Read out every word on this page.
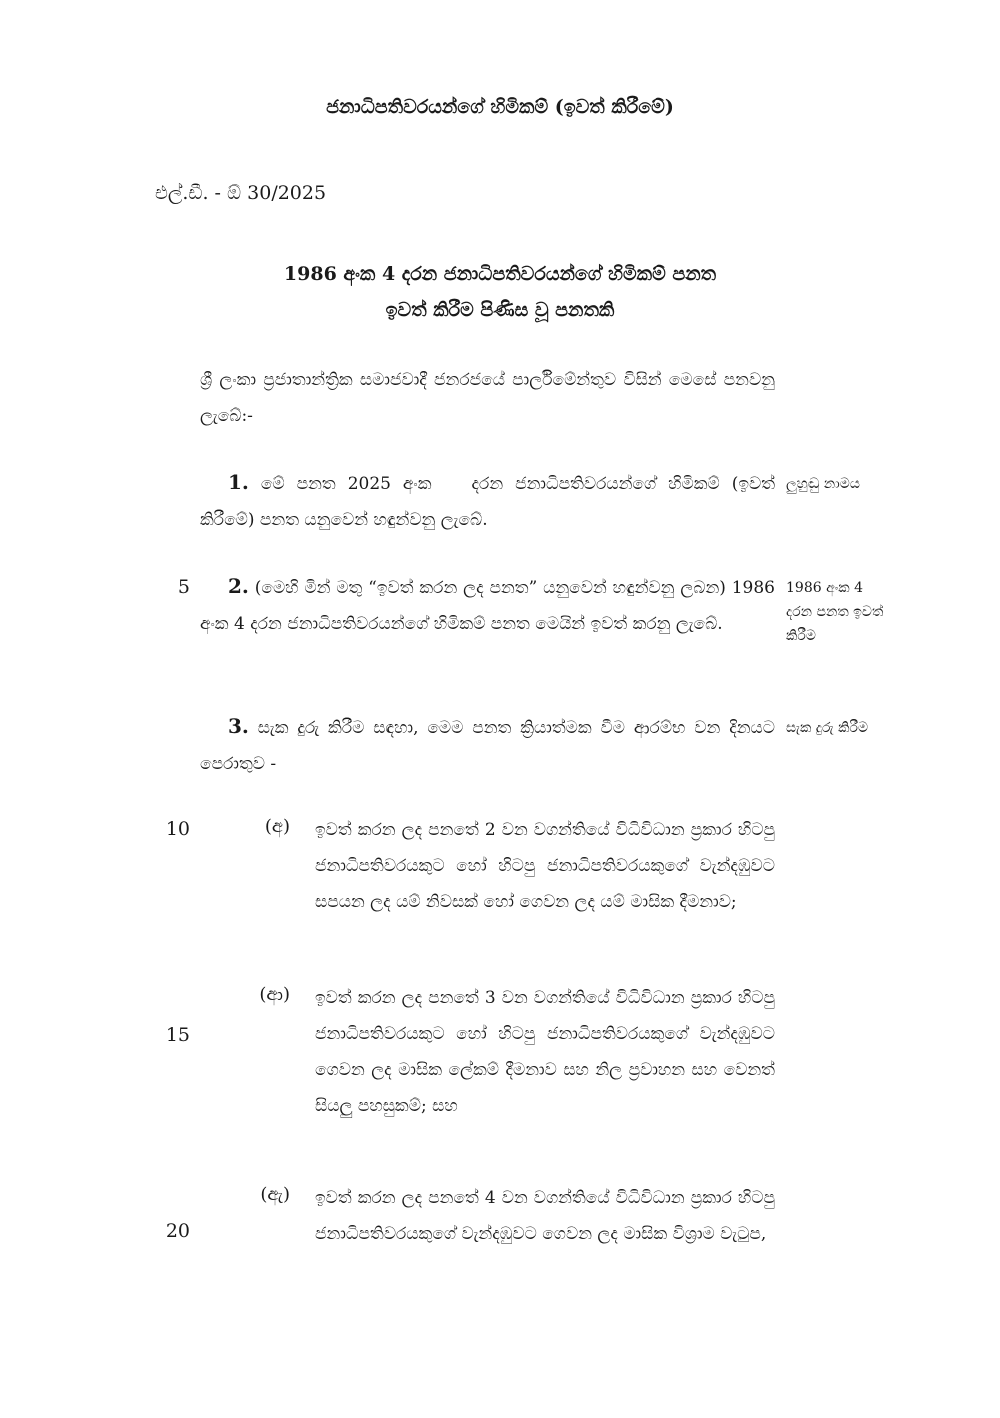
ජනාධිපතිවරයන්ගේ හිමිකම් (ඉවත් කිරීමේ)
එල්.ඩී. - ඕ 30/2025
1986 අංක 4 දරන ජනාධිපතිවරයන්ගේ හිමිකම් පනත
ඉවත් කිරීම පිණිස වූ පනතකි
ශ්‍රී ලංකා ප්‍රජාතාන්ත්‍රික සමාජවාදී ජනරජයේ පාර්ලිමේන්තුව විසින් මෙසේ පනවනු ලැබේ:-
1. මේ පනත 2025 අංක දරන ජනාධිපතිවරයන්ගේ හිමිකම් (ඉවත් කිරීමේ) පනත යනුවෙන් හඳුන්වනු ලැබේ.
ලුහුඬු නාමය
5	2. (මෙහි මින් මතු “ඉවත් කරන ලද පනත” යනුවෙන් හඳුන්වනු ලබන) 1986 අංක 4 දරන ජනාධිපතිවරයන්ගේ හිමිකම් පනත මෙයින් ඉවත් කරනු ලැබේ.
1986 අංක 4 දරන පනත ඉවත් කිරීම
3. සැක දුරු කිරීම සඳහා, මෙම පනත ක්‍රියාත්මක වීම ආරම්භ වන දිනයට පෙරාතුව -
සැක දුරු කිරීම
10	(අ) ඉවත් කරන ලද පනතේ 2 වන වගන්තියේ විධිවිධාන ප්‍රකාර හිටපු ජනාධිපතිවරයකුට හෝ හිටපු ජනාධිපතිවරයකුගේ වැන්දඹුවට සපයන ලද යම් නිවසක් හෝ ගෙවන ලද යම් මාසික දීමනාව;
(ආ) ඉවත් කරන ලද පනතේ 3 වන වගන්තියේ විධිවිධාන ප්‍රකාර හිටපු ජනාධිපතිවරයකුට හෝ හිටපු ජනාධිපතිවරයකුගේ වැන්දඹුවට ගෙවන ලද මාසික ලේකම් දීමනාව සහ නිල ප්‍රවාහන සහ වෙනත් සියලු පහසුකම්; සහ
15
(ඇ) ඉවත් කරන ලද පනතේ 4 වන වගන්තියේ විධිවිධාන ප්‍රකාර හිටපු ජනාධිපතිවරයකුගේ වැන්දඹුවට ගෙවන ලද මාසික විශ්‍රාම වැටුප,
20
